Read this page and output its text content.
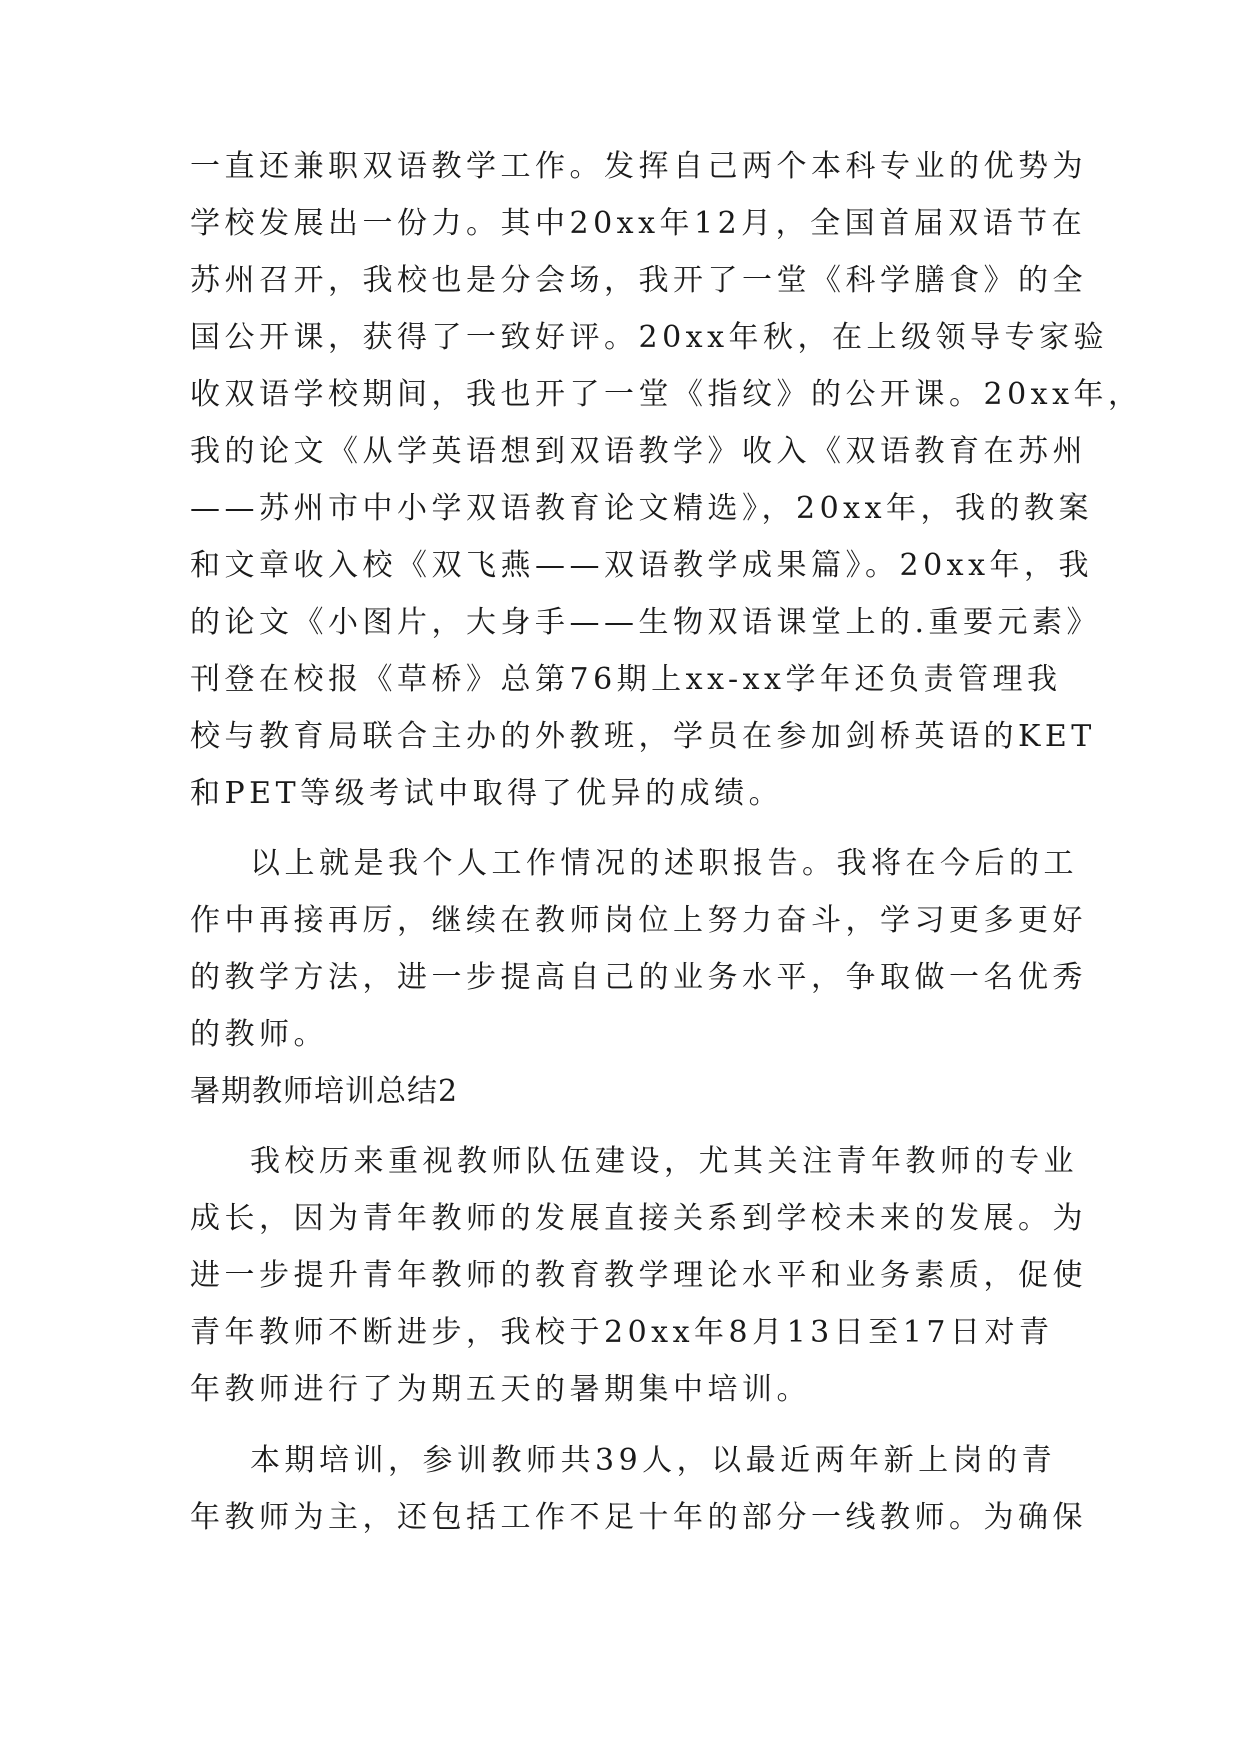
一直还兼职双语教学工作。发挥自己两个本科专业的优势为
学校发展出一份力。其中20xx年12月，全国首届双语节在
苏州召开，我校也是分会场，我开了一堂《科学膳食》的全
国公开课，获得了一致好评。20xx年秋，在上级领导专家验
收双语学校期间，我也开了一堂《指纹》的公开课。20xx年，
我的论文《从学英语想到双语教学》收入《双语教育在苏州
——苏州市中小学双语教育论文精选》，20xx年，我的教案
和文章收入校《双飞燕——双语教学成果篇》。20xx年，我
的论文《小图片，大身手——生物双语课堂上的.重要元素》
刊登在校报《草桥》总第76期上xx-xx学年还负责管理我
校与教育局联合主办的外教班，学员在参加剑桥英语的KET
和PET等级考试中取得了优异的成绩。
以上就是我个人工作情况的述职报告。我将在今后的工
作中再接再厉，继续在教师岗位上努力奋斗，学习更多更好
的教学方法，进一步提高自己的业务水平，争取做一名优秀
的教师。
暑期教师培训总结2
我校历来重视教师队伍建设，尤其关注青年教师的专业
成长，因为青年教师的发展直接关系到学校未来的发展。为
进一步提升青年教师的教育教学理论水平和业务素质，促使
青年教师不断进步，我校于20xx年8月13日至17日对青
年教师进行了为期五天的暑期集中培训。
本期培训，参训教师共39人，以最近两年新上岗的青
年教师为主，还包括工作不足十年的部分一线教师。为确保
